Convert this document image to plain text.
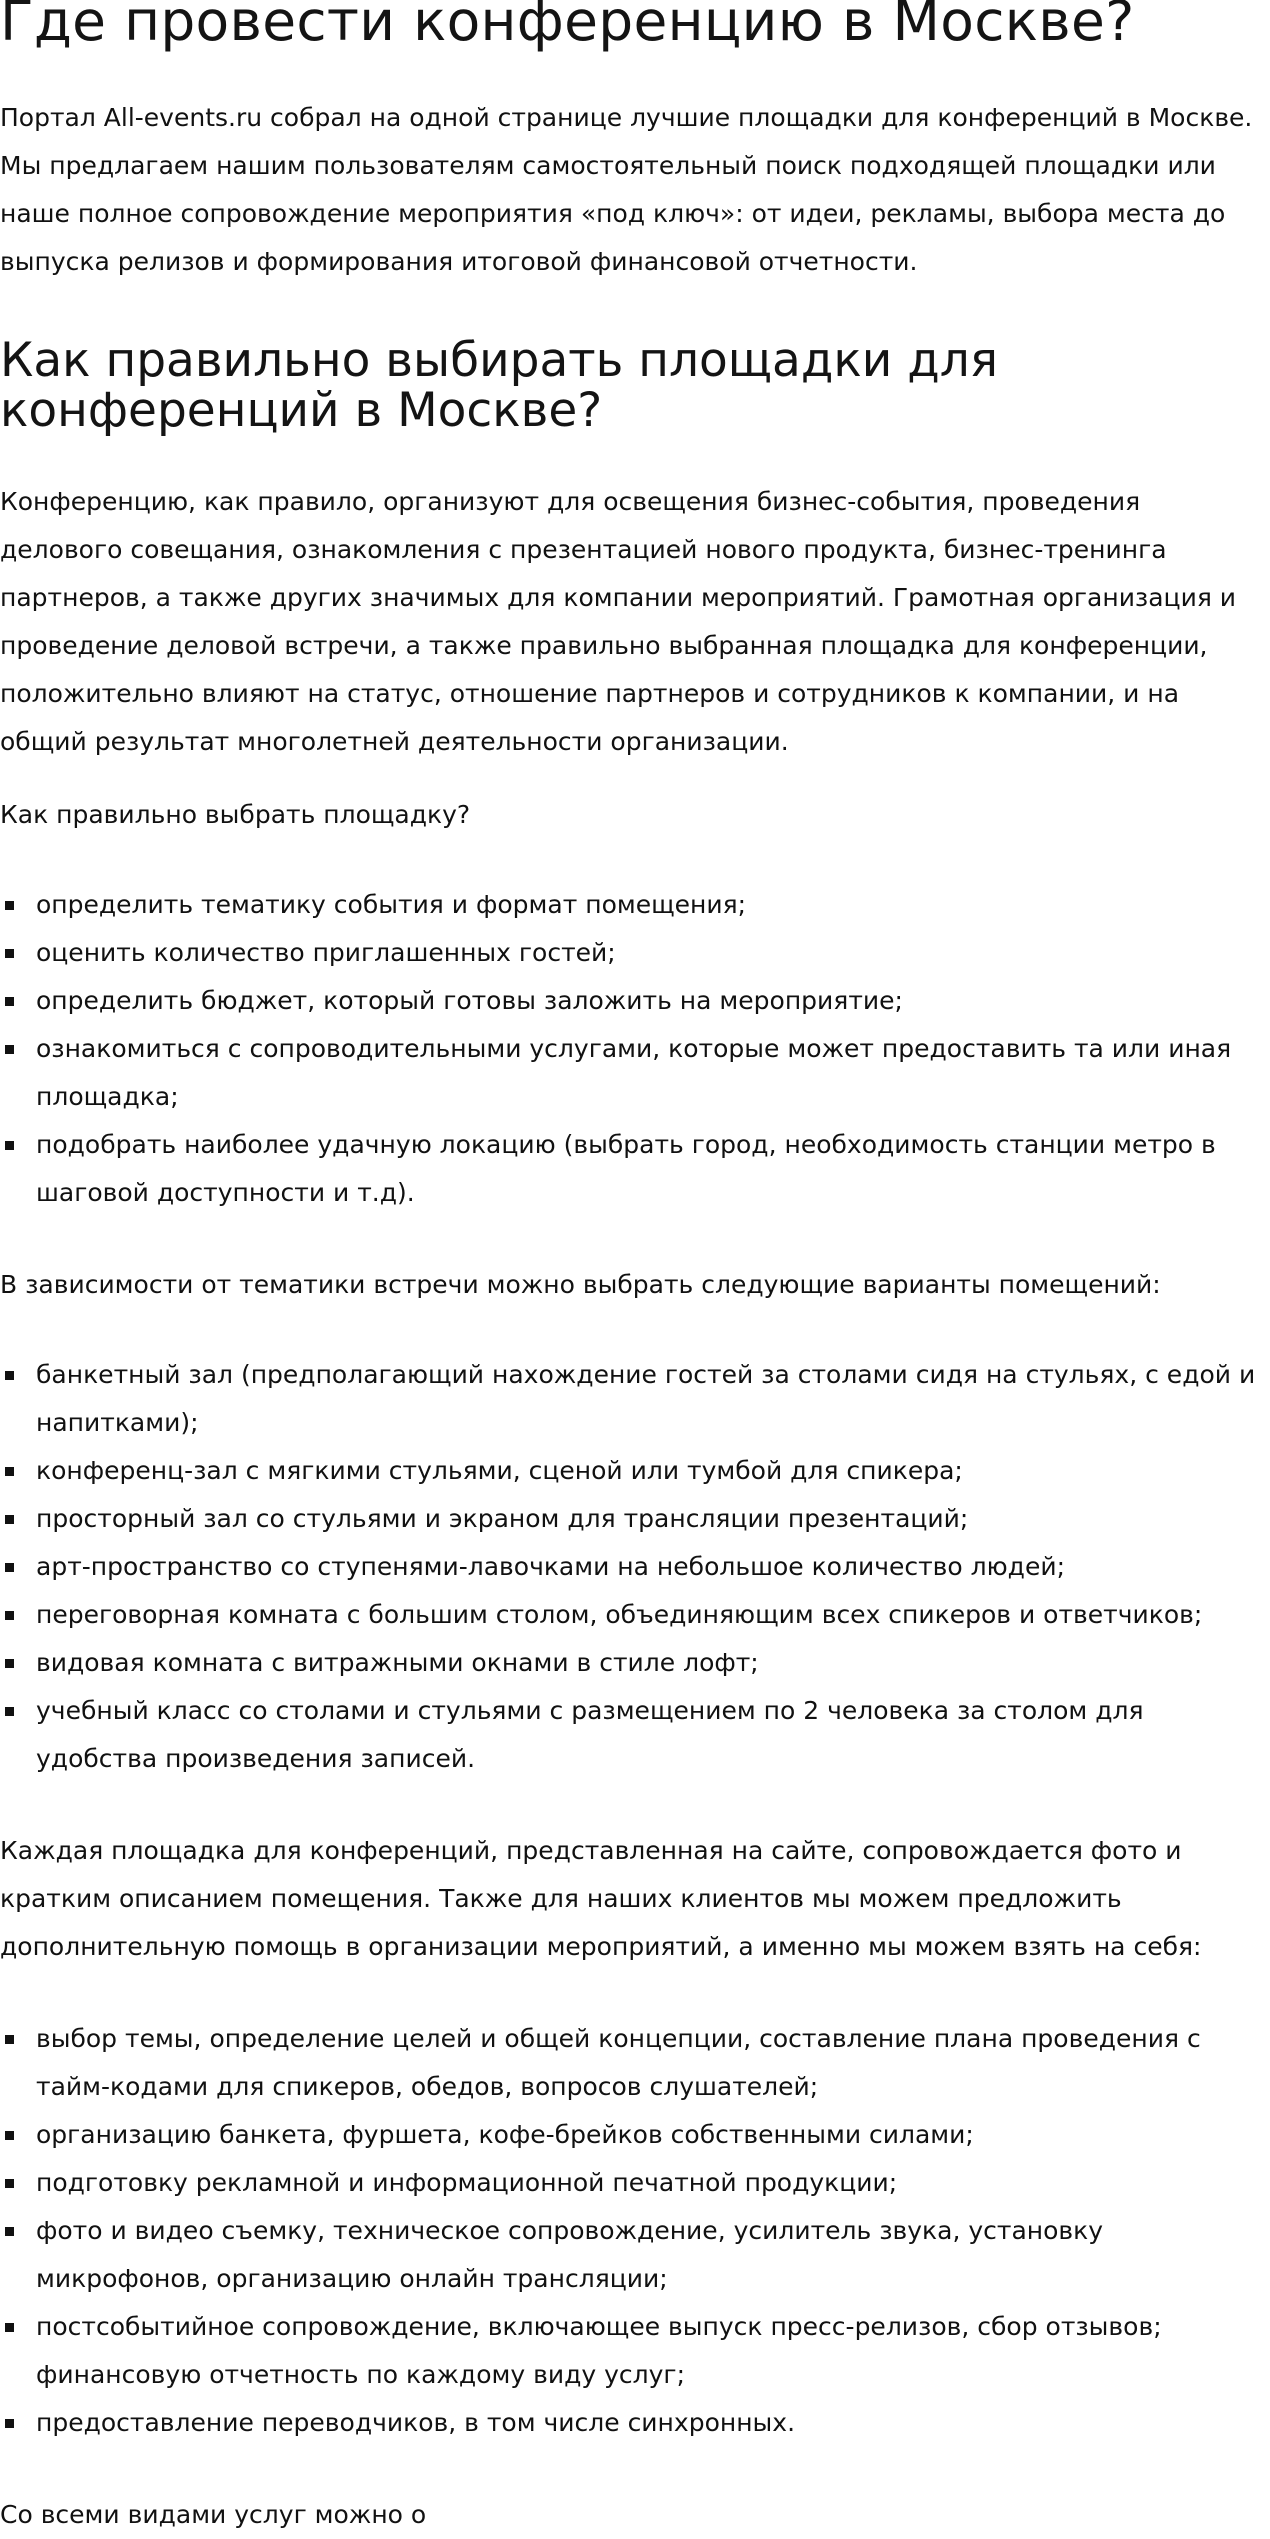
Где провести конференцию в Москве?

Портал All-events.ru собрал на одной странице лучшие площадки для конференций в Москве. Мы предлагаем нашим пользователям самостоятельный поиск подходящей площадки или наше полное сопровождение мероприятия «под ключ»: от идеи, рекламы, выбора места до выпуска релизов и формирования итоговой финансовой отчетности.

Как правильно выбирать площадки для конференций в Москве?

Конференцию, как правило, организуют для освещения бизнес-события, проведения делового совещания, ознакомления с презентацией нового продукта, бизнес-тренинга партнеров, а также других значимых для компании мероприятий. Грамотная организация и проведение деловой встречи, а также правильно выбранная площадка для конференции, положительно влияют на статус, отношение партнеров и сотрудников к компании, и на общий результат многолетней деятельности организации.

Как правильно выбрать площадку?

определить тематику события и формат помещения;
оценить количество приглашенных гостей;
определить бюджет, который готовы заложить на мероприятие;
ознакомиться с сопроводительными услугами, которые может предоставить та или иная площадка;
подобрать наиболее удачную локацию (выбрать город, необходимость станции метро в шаговой доступности и т.д).

В зависимости от тематики встречи можно выбрать следующие варианты помещений:

банкетный зал (предполагающий нахождение гостей за столами сидя на стульях, с едой и напитками);
конференц-зал с мягкими стульями, сценой или тумбой для спикера;
просторный зал со стульями и экраном для трансляции презентаций;
арт-пространство со ступенями-лавочками на небольшое количество людей;
переговорная комната с большим столом, объединяющим всех спикеров и ответчиков;
видовая комната с витражными окнами в стиле лофт;
учебный класс со столами и стульями с размещением по 2 человека за столом для удобства произведения записей.

Каждая площадка для конференций, представленная на сайте, сопровождается фото и кратким описанием помещения. Также для наших клиентов мы можем предложить дополнительную помощь в организации мероприятий, а именно мы можем взять на себя:

выбор темы, определение целей и общей концепции, составление плана проведения с тайм-кодами для спикеров, обедов, вопросов слушателей;
организацию банкета, фуршета, кофе-брейков собственными силами;
подготовку рекламной и информационной печатной продукции;
фото и видео съемку, техническое сопровождение, усилитель звука, установку микрофонов, организацию онлайн трансляции;
постсобытийное сопровождение, включающее выпуск пресс-релизов, сбор отзывов; финансовую отчетность по каждому виду услуг;
предоставление переводчиков, в том числе синхронных.

Со всеми видами услуг можно о
